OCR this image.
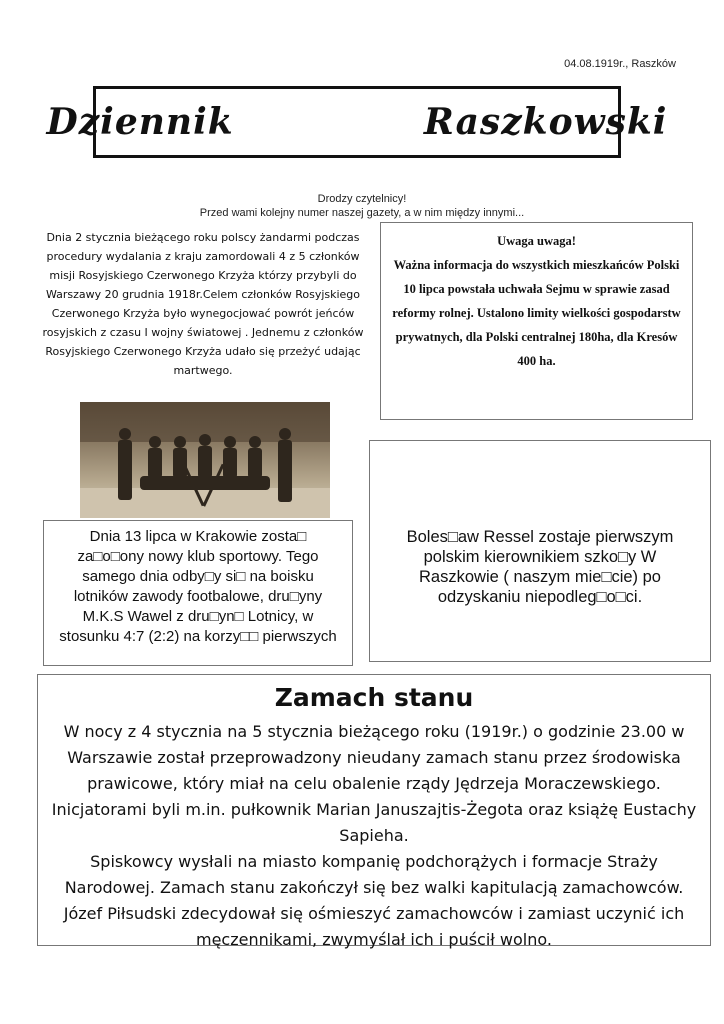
04.08.1919r., Raszków
Dziennik    Raszkowski
Drodzy czytelnicy!
Przed wami kolejny numer naszej gazety, a w nim między innymi...
Dnia 2 stycznia bieżącego roku polscy żandarmi podczas procedury wydalania z kraju zamordowali 4 z 5 członków misji Rosyjskiego Czerwonego Krzyża którzy przybyli do Warszawy 20 grudnia 1918r.Celem członków Rosyjskiego Czerwonego Krzyża było wynegocjować powrót jeńców rosyjskich z czasu I wojny światowej . Jednemu z członków Rosyjskiego Czerwonego Krzyża udało się przeżyć udając martwego.
Uwaga uwaga!
Ważna informacja do wszystkich mieszkańców Polski
10 lipca powstała uchwała Sejmu w sprawie zasad reformy rolnej. Ustalono limity wielkości gospodarstw prywatnych, dla Polski centralnej 180ha, dla Kresów 400 ha.
Dnia 13 lipca w Krakowie zosta□ za□o□ony nowy klub sportowy. Tego samego dnia odby□y si□ na boisku lotników zawody footbalowe, dru□yny M.K.S Wawel z dru□yn□ Lotnicy, w stosunku 4:7 (2:2) na korzy□□ pierwszych
Boles□aw Ressel zostaje pierwszym polskim kierownikiem szko□y W Raszkowie ( naszym mie□cie) po odzyskaniu niepodleg□o□ci.
Zamach stanu
W nocy z 4 stycznia na 5 stycznia bieżącego roku (1919r.) o godzinie 23.00 w Warszawie został przeprowadzony nieudany zamach stanu przez środowiska prawicowe, który miał na celu obalenie rządy Jędrzeja Moraczewskiego. Inicjatorami byli m.in. pułkownik Marian Januszajtis-Żegota oraz książę Eustachy Sapieha.
Spiskowcy wysłali na miasto kompanię podchorążych i formacje Straży Narodowej. Zamach stanu zakończył się bez walki kapitulacją zamachowców. Józef Piłsudski zdecydował się ośmieszyć zamachowców i zamiast uczynić ich męczennikami, zwymyślał ich i puścił wolno.
